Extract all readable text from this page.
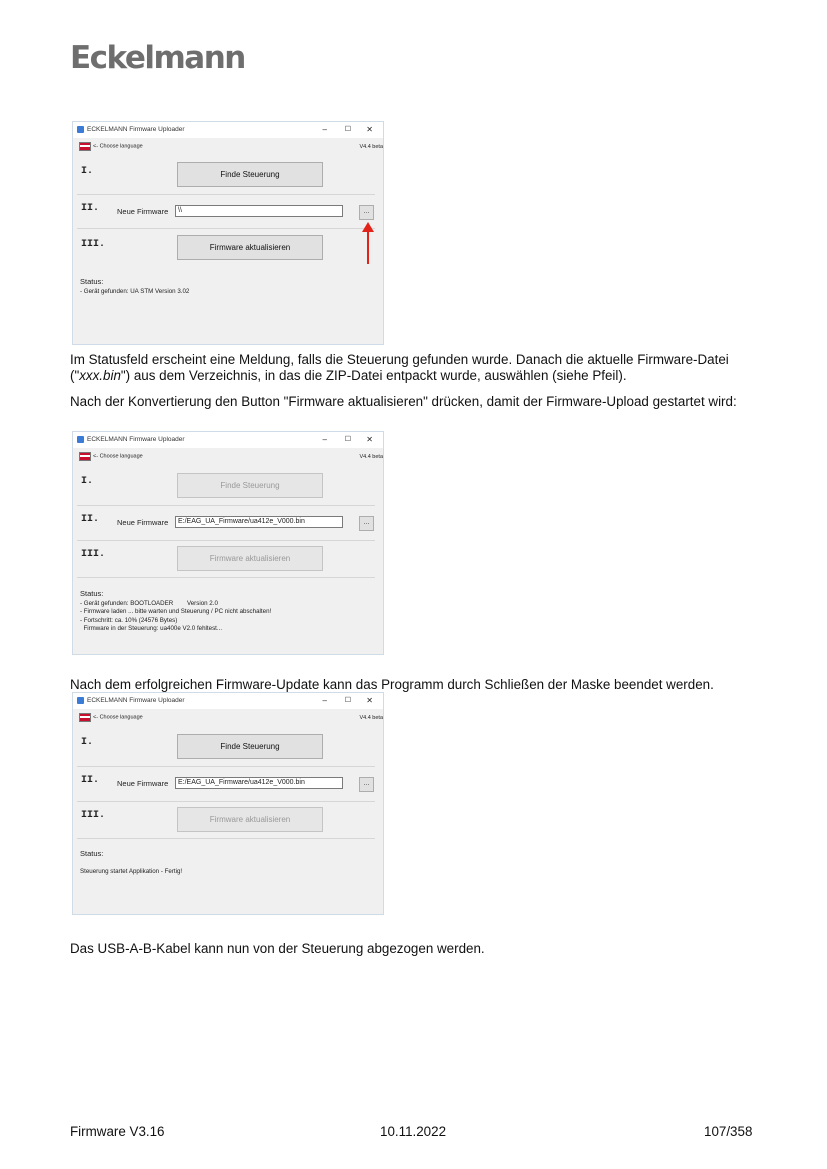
Eckelmann
ECKELMANN Firmware Uploader	–	☐ ✕
<- Choose language	V4.4 beta
I.	Finde Steuerung
II. Neue Firmware	\\	...
III.	Firmware aktualisieren
Status:
- Gerät gefunden: UA STM Version 3.02

Im Statusfeld erscheint eine Meldung, falls die Steuerung gefunden wurde. Danach die aktuelle Firmware-Datei ("xxx.bin") aus dem Verzeichnis, in das die ZIP-Datei entpackt wurde, auswählen (siehe Pfeil).

Nach der Konvertierung den Button "Firmware aktualisieren" drücken, damit der Firmware-Upload gestartet wird:

ECKELMANN Firmware Uploader	–	☐ ✕
<- Choose language	V4.4 beta
I.	Finde Steuerung
II. Neue Firmware	E:/EAG_UA_Firmware/ua412e_V000.bin	...
III.	Firmware aktualisieren
Status:
- Gerät gefunden: BOOTLOADER        Version 2.0
- Firmware laden ... bitte warten und Steuerung / PC nicht abschalten!
- Fortschritt: ca. 10% (24576 Bytes)
Firmware in der Steuerung: ua400e V2.0 fehltest...

Nach dem erfolgreichen Firmware-Update kann das Programm durch Schließen der Maske beendet werden.

ECKELMANN Firmware Uploader	–	☐ ✕
<- Choose language	V4.4 beta
I.	Finde Steuerung
II. Neue Firmware	E:/EAG_UA_Firmware/ua412e_V000.bin	...
III.	Firmware aktualisieren
Status:

Steuerung startet Applikation - Fertig!

Das USB-A-B-Kabel kann nun von der Steuerung abgezogen werden.

Firmware V3.16	10.11.2022	107/358
